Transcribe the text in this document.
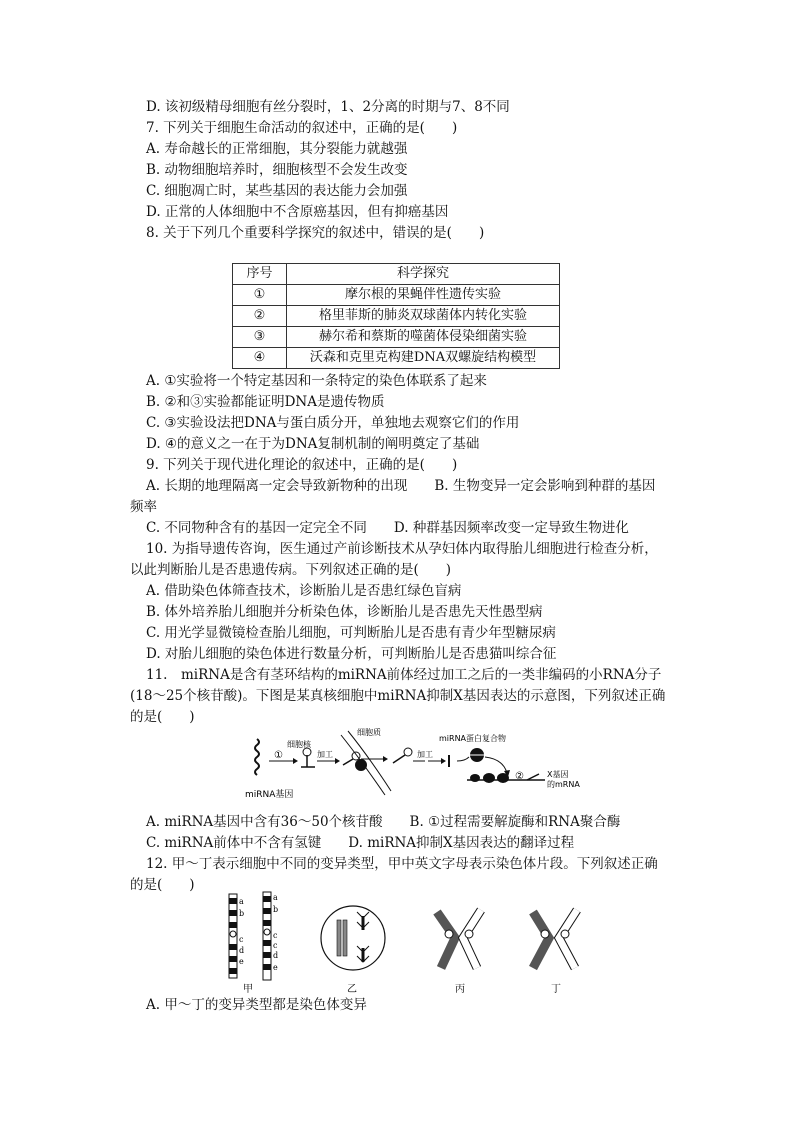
D. 该初级精母细胞有丝分裂时，1、2分离的时期与7、8不同
7. 下列关于细胞生命活动的叙述中，正确的是(　　)
A. 寿命越长的正常细胞，其分裂能力就越强
B. 动物细胞培养时，细胞核型不会发生改变
C. 细胞凋亡时，某些基因的表达能力会加强
D. 正常的人体细胞中不含原癌基因，但有抑癌基因
8. 关于下列几个重要科学探究的叙述中，错误的是(　　)
序号	科学探究
①	摩尔根的果蝇伴性遗传实验
②	格里菲斯的肺炎双球菌体内转化实验
③	赫尔希和蔡斯的噬菌体侵染细菌实验
④	沃森和克里克构建DNA双螺旋结构模型
A. ①实验将一个特定基因和一条特定的染色体联系了起来
B. ②和③实验都能证明DNA是遗传物质
C. ③实验设法把DNA与蛋白质分开，单独地去观察它们的作用
D. ④的意义之一在于为DNA复制机制的阐明奠定了基础
9. 下列关于现代进化理论的叙述中，正确的是(　　)
A. 长期的地理隔离一定会导致新物种的出现　　B. 生物变异一定会影响到种群的基因
频率
C. 不同物种含有的基因一定完全不同　　D. 种群基因频率改变一定导致生物进化
10. 为指导遗传咨询，医生通过产前诊断技术从孕妇体内取得胎儿细胞进行检查分析，
以此判断胎儿是否患遗传病。下列叙述正确的是(　　)
A. 借助染色体筛查技术，诊断胎儿是否患红绿色盲病
B. 体外培养胎儿细胞并分析染色体，诊断胎儿是否患先天性愚型病
C. 用光学显微镜检查胎儿细胞，可判断胎儿是否患有青少年型糖尿病
D. 对胎儿细胞的染色体进行数量分析，可判断胎儿是否患猫叫综合征
11.　miRNA是含有茎环结构的miRNA前体经过加工之后的一类非编码的小RNA分子
(18～25个核苷酸)。下图是某真核细胞中miRNA抑制X基因表达的示意图，下列叙述正确
的是(　　)
miRNA基因
①	加工
细胞核
细胞质
加工
miRNA蛋白复合物
②	X基因
的mRNA
A. miRNA基因中含有36～50个核苷酸　　B. ①过程需要解旋酶和RNA聚合酶
C. miRNA前体中不含有氢键　　D. miRNA抑制X基因表达的翻译过程
12. 甲～丁表示细胞中不同的变异类型，甲中英文字母表示染色体片段。下列叙述正确
的是(　　)
a
b
c
d
e
a
b
c
c
d
e
甲	乙	丙	丁
A. 甲～丁的变异类型都是染色体变异
